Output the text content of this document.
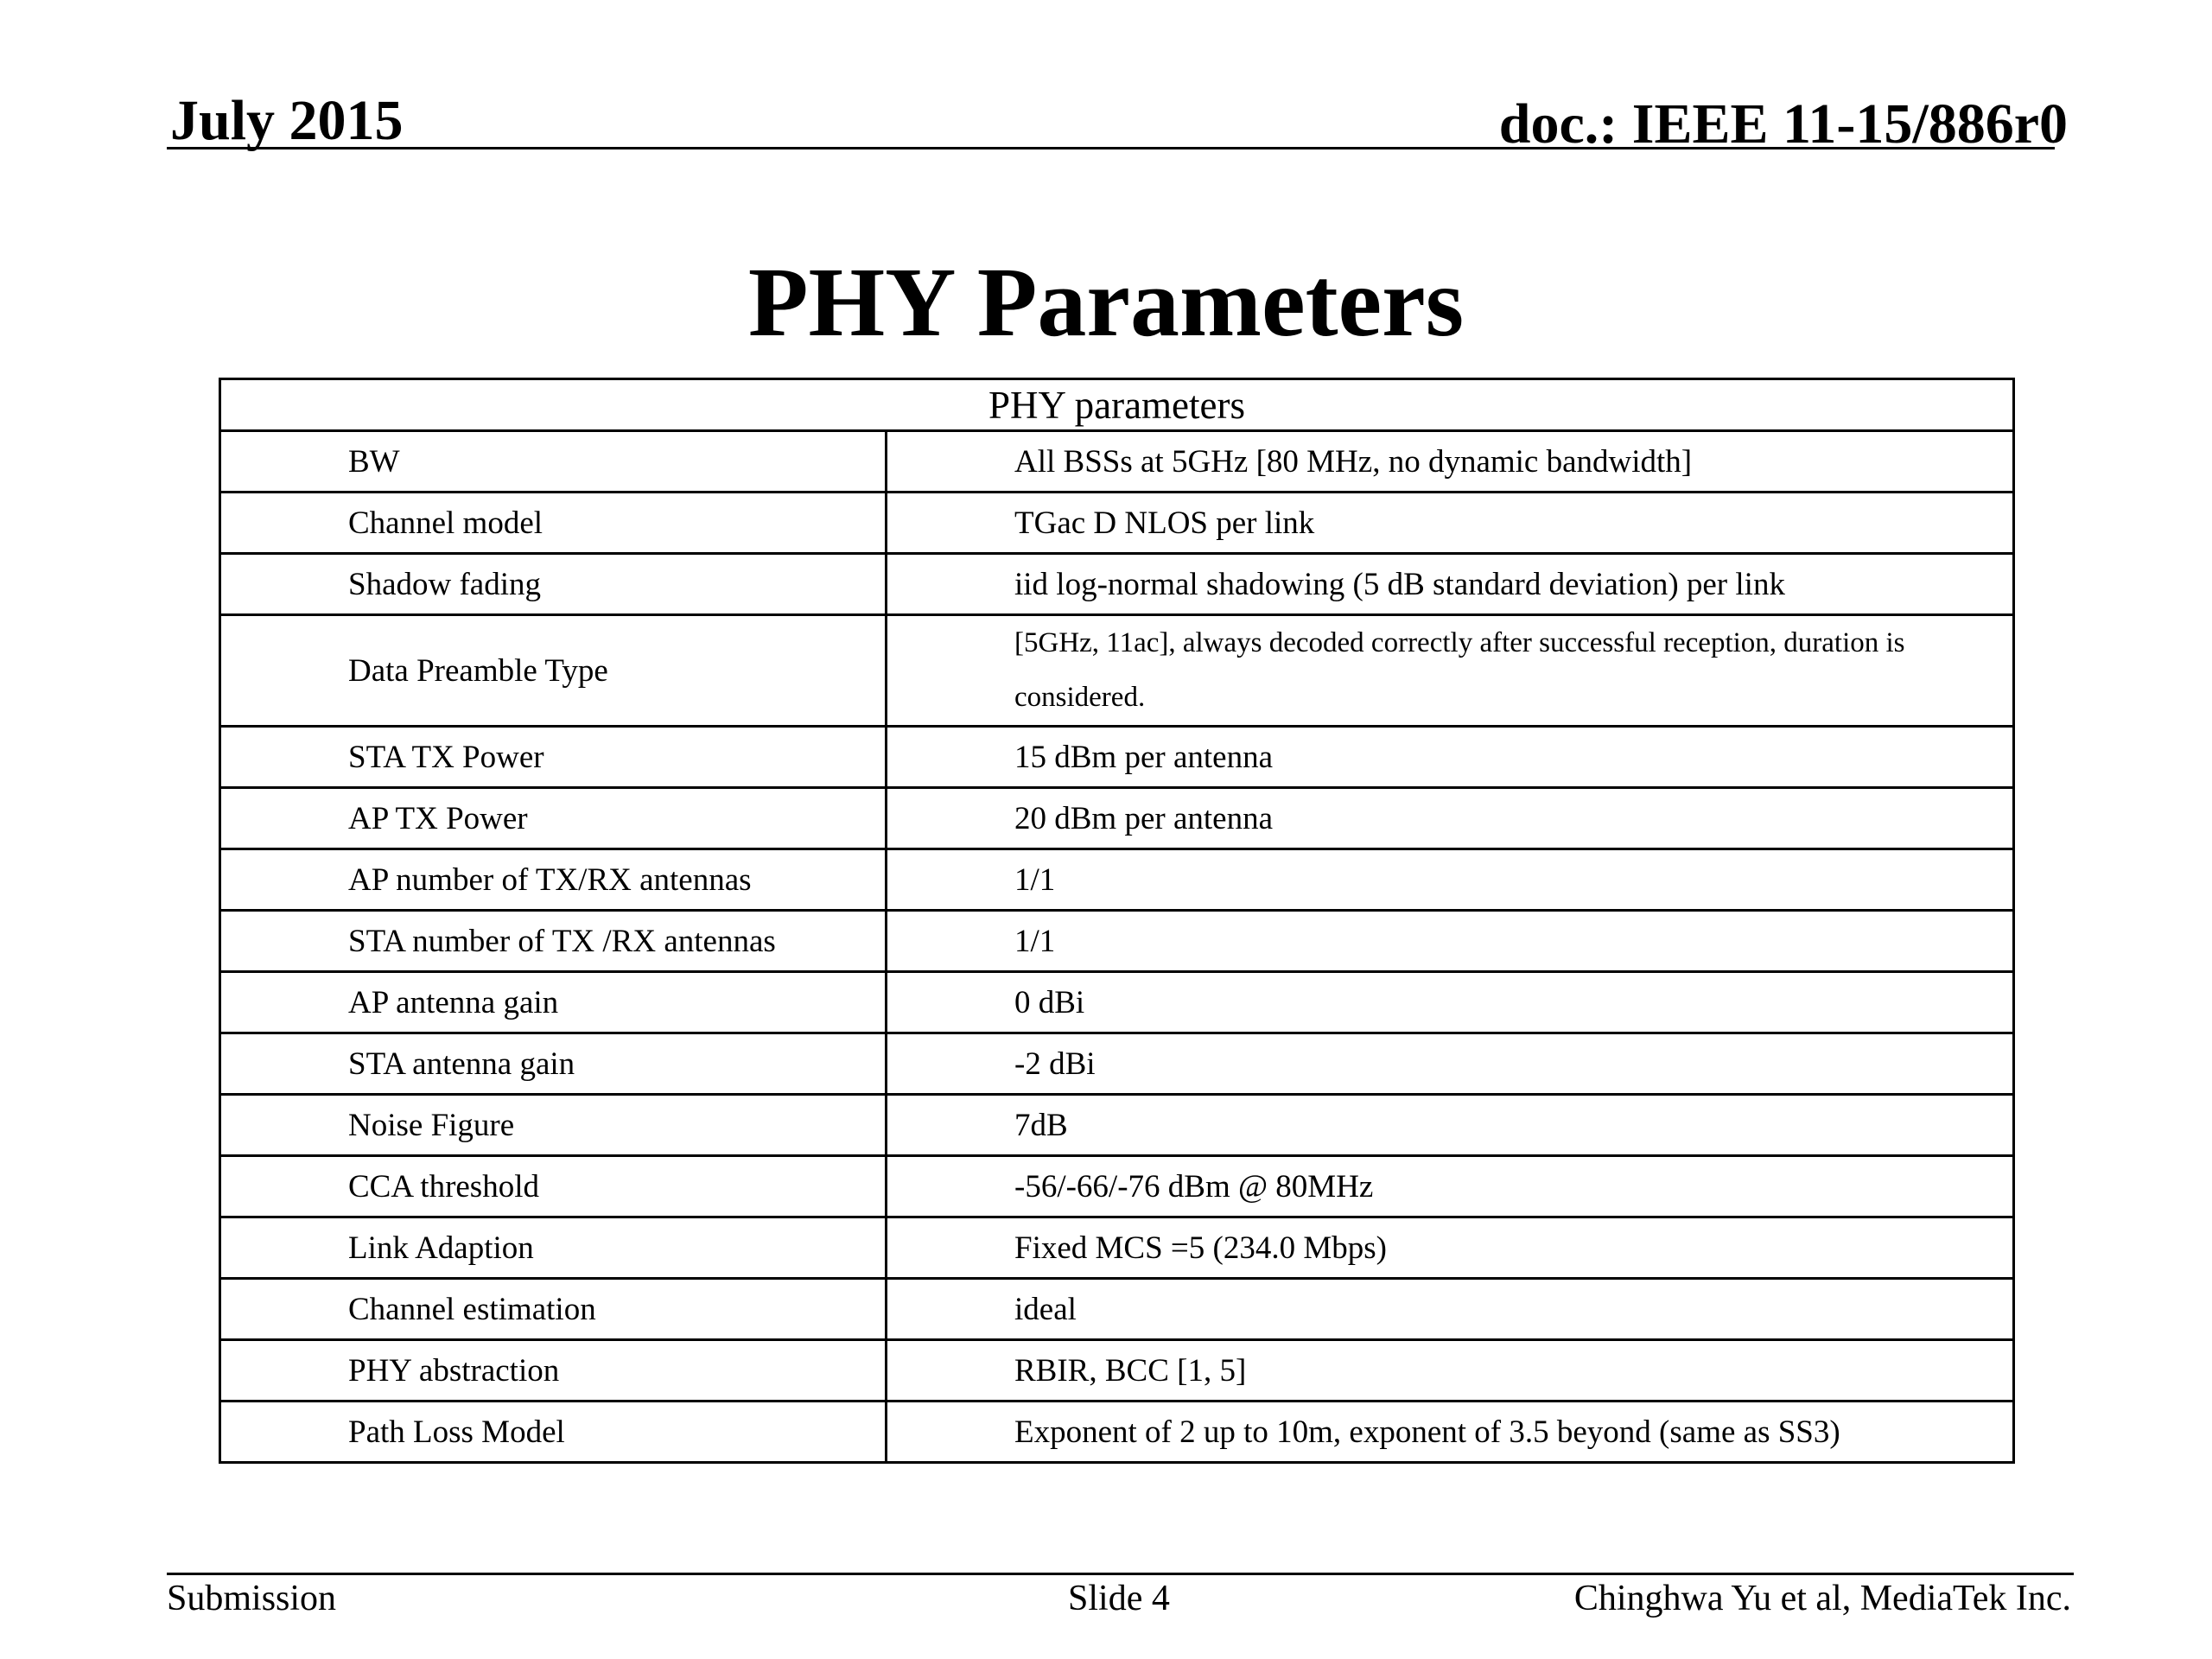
July 2015	doc.: IEEE 11-15/886r0
PHY Parameters
PHY parameters	
BW	All BSSs at 5GHz [80 MHz, no dynamic bandwidth]
Channel model	TGac D NLOS per link
Shadow fading	iid log-normal shadowing (5 dB standard deviation) per link
Data Preamble Type	[5GHz, 11ac], always decoded correctly after successful reception, duration is considered.
STA TX Power	15 dBm per antenna
AP TX Power	20 dBm per antenna
AP number of TX/RX antennas	1/1
STA number of TX /RX antennas	1/1
AP antenna gain	0 dBi
STA antenna gain	-2 dBi
Noise Figure	7dB
CCA threshold	-56/-66/-76 dBm @ 80MHz
Link Adaption	Fixed MCS =5 (234.0 Mbps)
Channel estimation	ideal
PHY abstraction	RBIR, BCC [1, 5]
Path Loss Model	Exponent of 2 up to 10m, exponent of 3.5 beyond (same as SS3)
Submission	Slide 4	Chinghwa Yu et al, MediaTek Inc.
